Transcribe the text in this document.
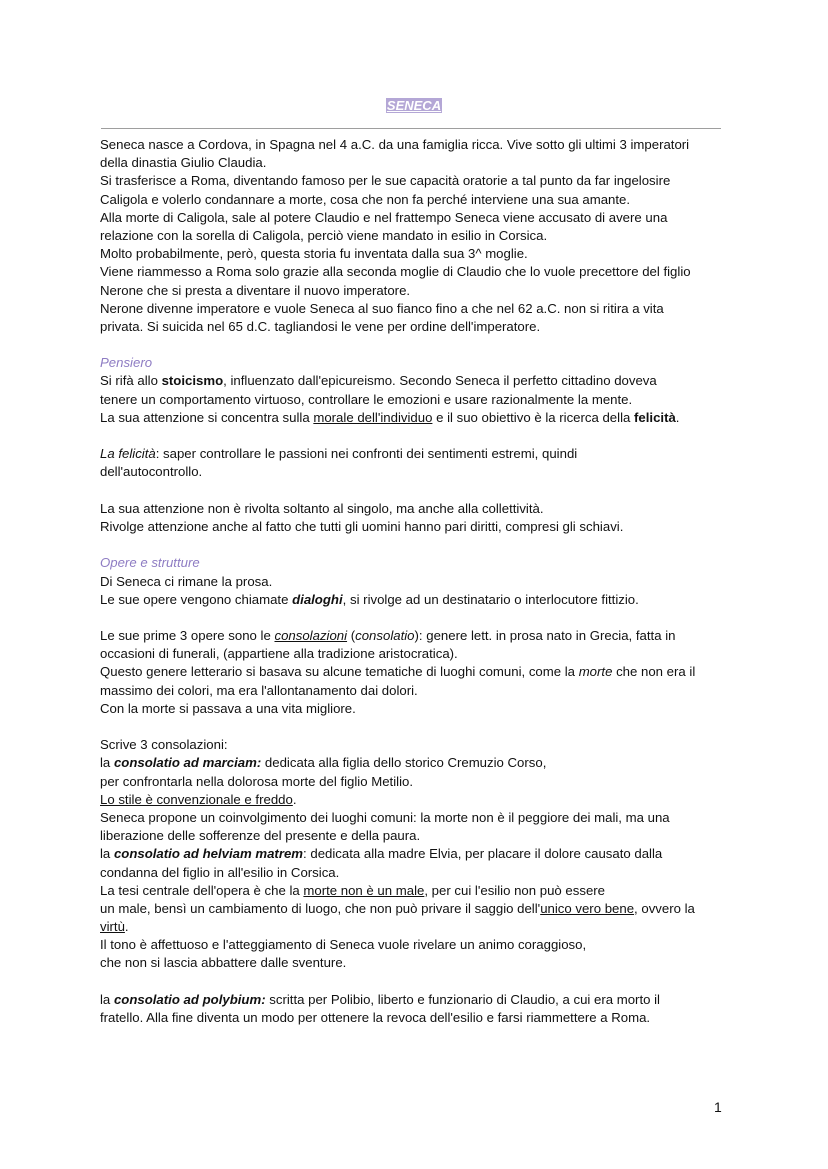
SENECA
Seneca nasce a Cordova, in Spagna nel 4 a.C. da una famiglia ricca. Vive sotto gli ultimi 3 imperatori
della dinastia Giulio Claudia.
Si trasferisce a Roma, diventando famoso per le sue capacità oratorie a tal punto da far ingelosire
Caligola e volerlo condannare a morte, cosa che non fa perché interviene una sua amante.
Alla morte di Caligola, sale al potere Claudio e nel frattempo Seneca viene accusato di avere una
relazione con la sorella di Caligola, perciò viene mandato in esilio in Corsica.
Molto probabilmente, però, questa storia fu inventata dalla sua 3^ moglie.
Viene riammesso a Roma solo grazie alla seconda moglie di Claudio che lo vuole precettore del figlio
Nerone che si presta a diventare il nuovo imperatore.
Nerone divenne imperatore e vuole Seneca al suo fianco fino a che nel 62 a.C. non si ritira a vita
privata. Si suicida nel 65 d.C. tagliandosi le vene per ordine dell'imperatore.
Pensiero
Si rifà allo stoicismo, influenzato dall'epicureismo. Secondo Seneca il perfetto cittadino doveva
tenere un comportamento virtuoso, controllare le emozioni e usare razionalmente la mente.
La sua attenzione si concentra sulla morale dell'individuo e il suo obiettivo è la ricerca della felicità.
La felicità: saper controllare le passioni nei confronti dei sentimenti estremi, quindi
dell'autocontrollo.
La sua attenzione non è rivolta soltanto al singolo, ma anche alla collettività.
Rivolge attenzione anche al fatto che tutti gli uomini hanno pari diritti, compresi gli schiavi.
Opere e strutture
Di Seneca ci rimane la prosa.
Le sue opere vengono chiamate dialoghi, si rivolge ad un destinatario o interlocutore fittizio.
Le sue prime 3 opere sono le consolazioni (consolatio): genere lett. in prosa nato in Grecia, fatta in
occasioni di funerali, (appartiene alla tradizione aristocratica).
Questo genere letterario si basava su alcune tematiche di luoghi comuni, come la morte che non era il
massimo dei colori, ma era l'allontanamento dai dolori.
Con la morte si passava a una vita migliore.
Scrive 3 consolazioni:
la consolatio ad marciam: dedicata alla figlia dello storico Cremuzio Corso,
per confrontarla nella dolorosa morte del figlio Metilio.
Lo stile è convenzionale e freddo.
Seneca propone un coinvolgimento dei luoghi comuni: la morte non è il peggiore dei mali, ma una
liberazione delle sofferenze del presente e della paura.
la consolatio ad helviam matrem: dedicata alla madre Elvia, per placare il dolore causato dalla
condanna del figlio in all'esilio in Corsica.
La tesi centrale dell'opera è che la morte non è un male, per cui l'esilio non può essere
un male, bensì un cambiamento di luogo, che non può privare il saggio dell'unico vero bene, ovvero la
virtù.
Il tono è affettuoso e l'atteggiamento di Seneca vuole rivelare un animo coraggioso,
che non si lascia abbattere dalle sventure.
la consolatio ad polybium: scritta per Polibio, liberto e funzionario di Claudio, a cui era morto il
fratello. Alla fine diventa un modo per ottenere la revoca dell'esilio e farsi riammettere a Roma.
1
